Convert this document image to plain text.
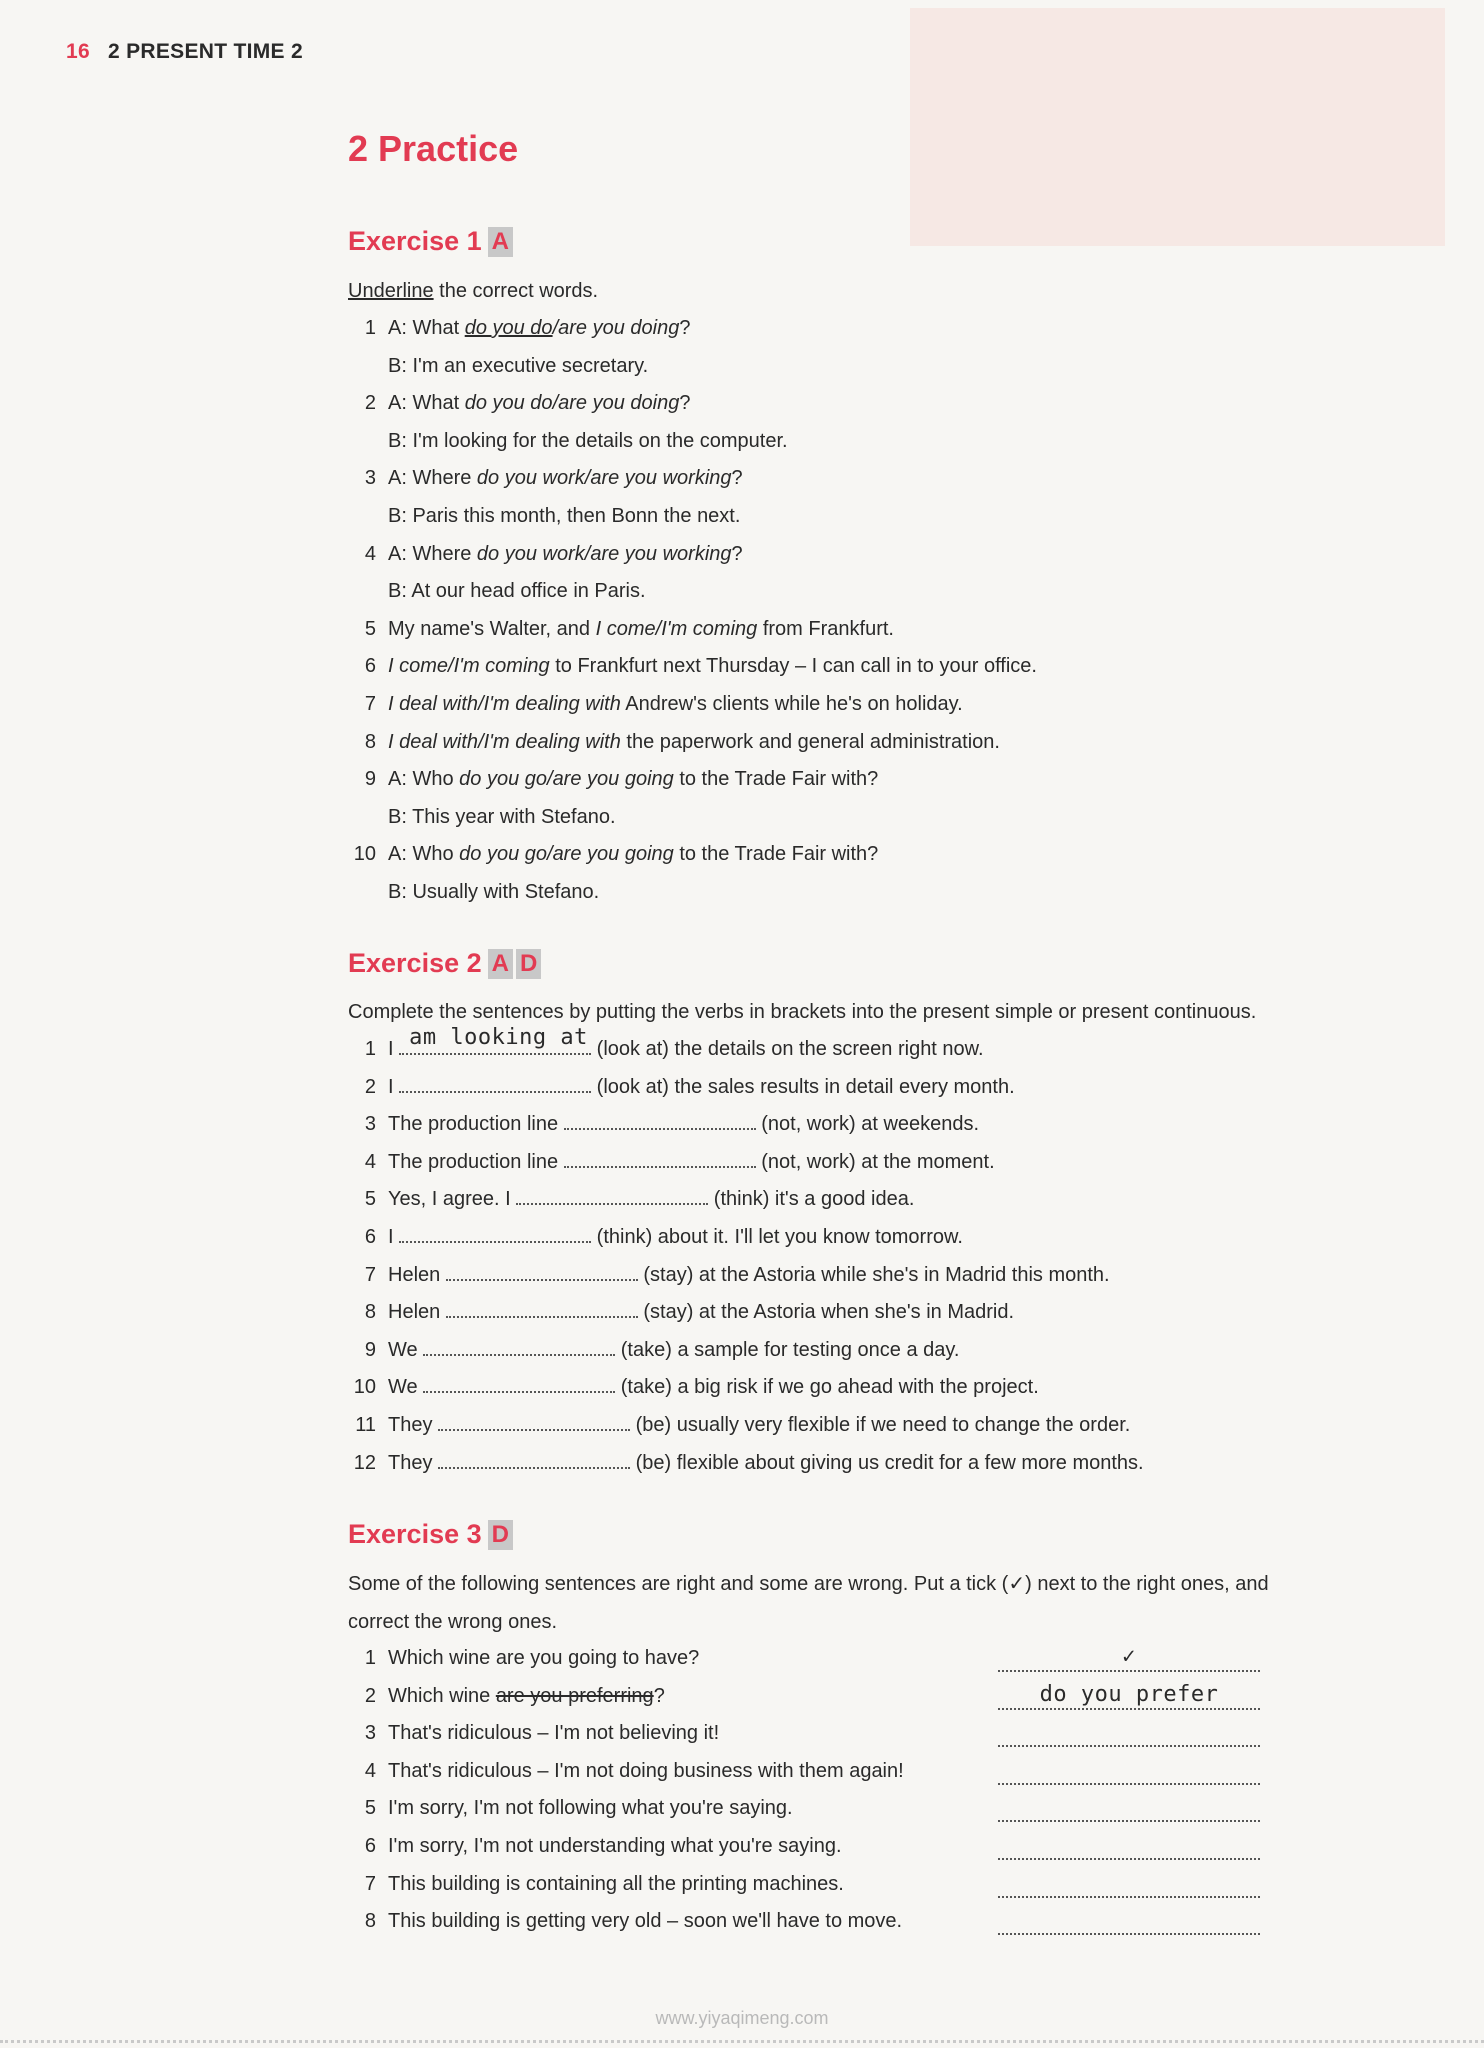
16 2 PRESENT TIME 2
2 Practice
Exercise 1 A
Underline the correct words.
1 A: What do you do/are you doing?
B: I'm an executive secretary.
2 A: What do you do/are you doing?
B: I'm looking for the details on the computer.
3 A: Where do you work/are you working?
B: Paris this month, then Bonn the next.
4 A: Where do you work/are you working?
B: At our head office in Paris.
5 My name's Walter, and I come/I'm coming from Frankfurt.
6 I come/I'm coming to Frankfurt next Thursday – I can call in to your office.
7 I deal with/I'm dealing with Andrew's clients while he's on holiday.
8 I deal with/I'm dealing with the paperwork and general administration.
9 A: Who do you go/are you going to the Trade Fair with?
B: This year with Stefano.
10 A: Who do you go/are you going to the Trade Fair with?
B: Usually with Stefano.
Exercise 2 A D
Complete the sentences by putting the verbs in brackets into the present simple or present continuous.
1 I am looking at (look at) the details on the screen right now.
2 I	(look at) the sales results in detail every month.
3 The production line	(not, work) at weekends.
4 The production line	(not, work) at the moment.
5 Yes, I agree. I	(think) it's a good idea.
6 I	(think) about it. I'll let you know tomorrow.
7 Helen	(stay) at the Astoria while she's in Madrid this month.
8 Helen	(stay) at the Astoria when she's in Madrid.
9 We	(take) a sample for testing once a day.
10 We	(take) a big risk if we go ahead with the project.
11 They	(be) usually very flexible if we need to change the order.
12 They	(be) flexible about giving us credit for a few more months.
Exercise 3 D
Some of the following sentences are right and some are wrong. Put a tick (✓) next to the right ones, and
correct the wrong ones.
1 Which wine are you going to have?	✓
2 Which wine are you preferring?	do you prefer
3 That's ridiculous – I'm not believing it!
4 That's ridiculous – I'm not doing business with them again!
5 I'm sorry, I'm not following what you're saying.
6 I'm sorry, I'm not understanding what you're saying.
7 This building is containing all the printing machines.
8 This building is getting very old – soon we'll have to move.
www.yiyaqimeng.com
